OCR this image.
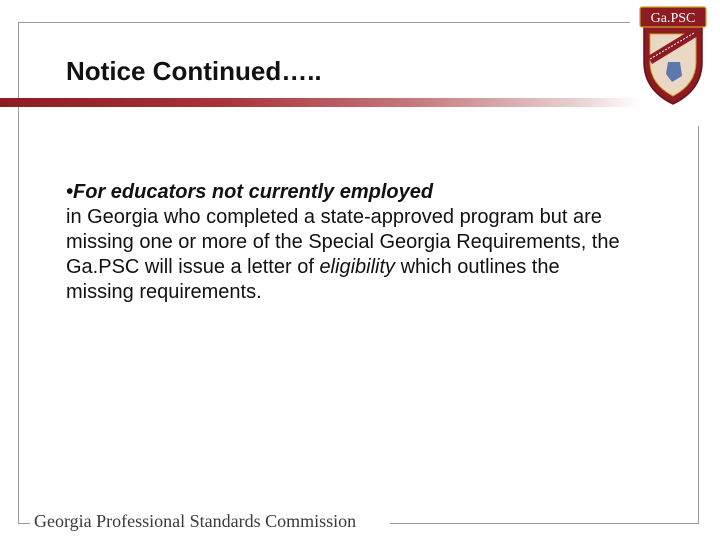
Notice Continued…..
•For educators not currently employed
in Georgia who completed a state-approved program but are missing one or more of the Special Georgia Requirements, the Ga.PSC will issue a letter of eligibility which outlines the missing requirements.
Georgia Professional Standards Commission
Ga.PSC
